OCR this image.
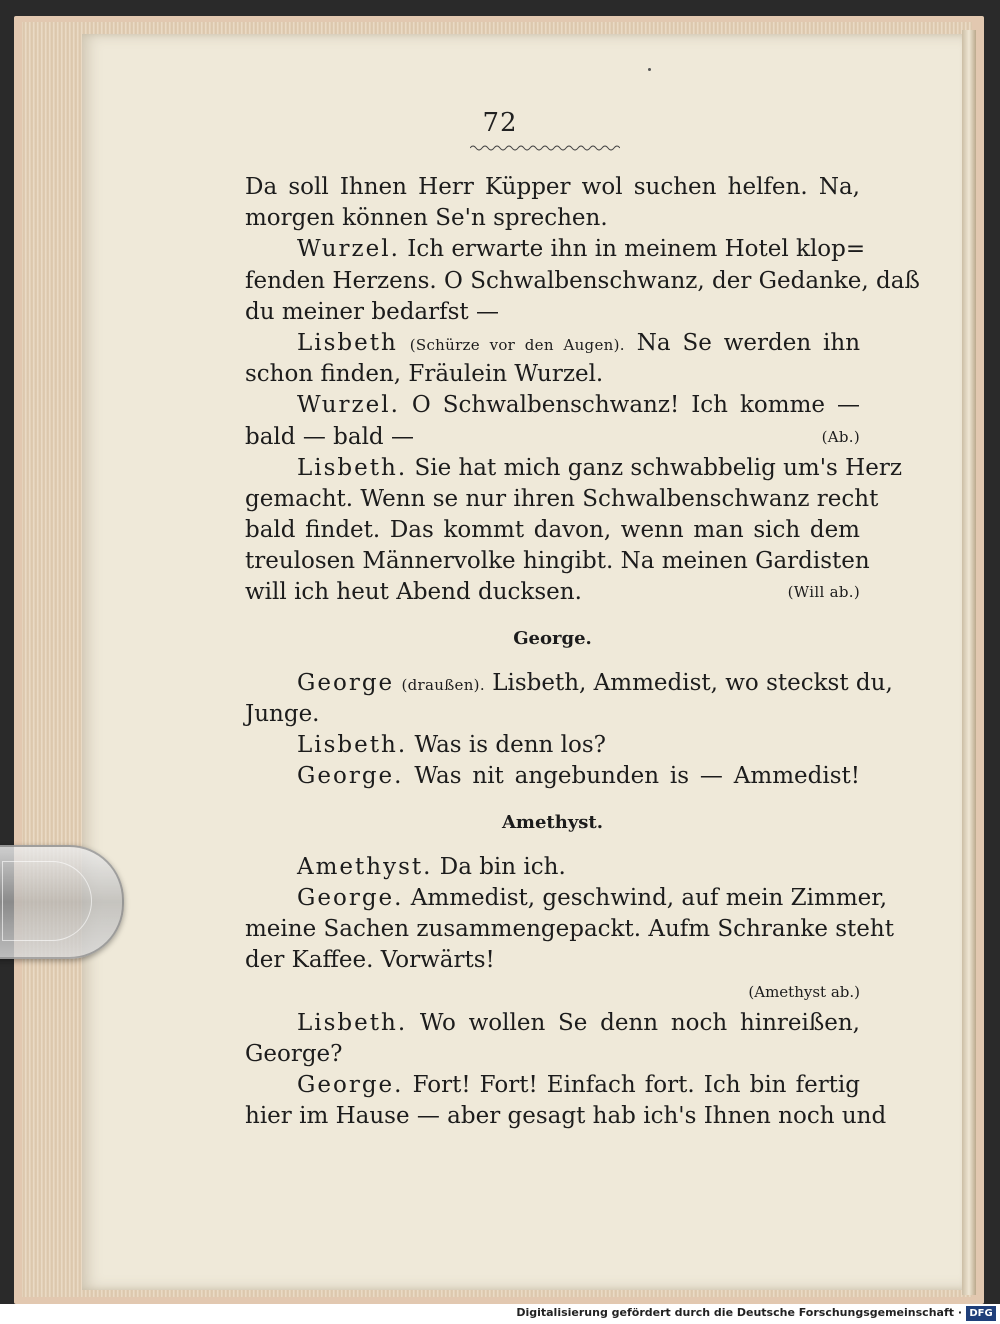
72
Da soll Ihnen Herr Küpper wol suchen helfen. Na,
morgen können Se'n sprechen.
Wurzel. Ich erwarte ihn in meinem Hotel klop=
fenden Herzens. O Schwalbenschwanz, der Gedanke, daß
du meiner bedarfst —
Lisbeth (Schürze vor den Augen). Na Se werden ihn
schon finden, Fräulein Wurzel.
Wurzel. O Schwalbenschwanz! Ich komme —
bald — bald —	(Ab.)
Lisbeth. Sie hat mich ganz schwabbelig um's Herz
gemacht. Wenn se nur ihren Schwalbenschwanz recht
bald findet. Das kommt davon, wenn man sich dem
treulosen Männervolke hingibt. Na meinen Gardisten
will ich heut Abend ducksen.	(Will ab.)
George.
George (draußen). Lisbeth, Ammedist, wo steckst du,
Junge.
Lisbeth. Was is denn los?
George. Was nit angebunden is — Ammedist!
Amethyst.
Amethyst. Da bin ich.
George. Ammedist, geschwind, auf mein Zimmer,
meine Sachen zusammengepackt. Aufm Schranke steht
der Kaffee. Vorwärts!
(Amethyst ab.)
Lisbeth. Wo wollen Se denn noch hinreißen,
George?
George. Fort! Fort! Einfach fort. Ich bin fertig
hier im Hause — aber gesagt hab ich's Ihnen noch und
Digitalisierung gefördert durch die Deutsche Forschungsgemeinschaft · DFG
